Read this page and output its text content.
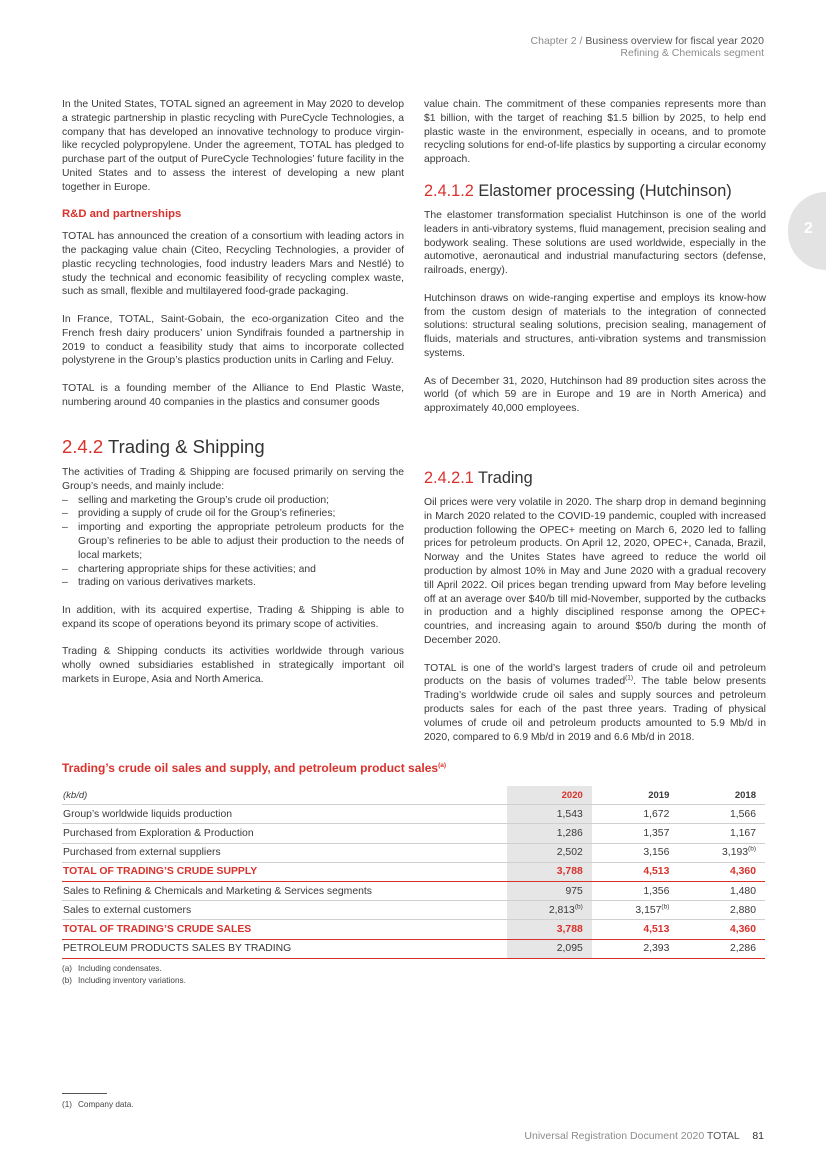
Chapter 2 / Business overview for fiscal year 2020
Refining & Chemicals segment
2

In the United States, TOTAL signed an agreement in May 2020 to develop a strategic partnership in plastic recycling with PureCycle Technologies, a company that has developed an innovative technology to produce virgin-like recycled polypropylene. Under the agreement, TOTAL has pledged to purchase part of the output of PureCycle Technologies’ future facility in the United States and to assess the interest of developing a new plant together in Europe.

R&D and partnerships

TOTAL has announced the creation of a consortium with leading actors in the packaging value chain (Citeo, Recycling Technologies, a provider of plastic recycling technologies, food industry leaders Mars and Nestlé) to study the technical and economic feasibility of recycling complex waste, such as small, flexible and multilayered food-grade packaging.

In France, TOTAL, Saint-Gobain, the eco-organization Citeo and the French fresh dairy producers’ union Syndifrais founded a partnership in 2019 to conduct a feasibility study that aims to incorporate collected polystyrene in the Group’s plastics production units in Carling and Feluy.

TOTAL is a founding member of the Alliance to End Plastic Waste, numbering around 40 companies in the plastics and consumer goods

2.4.2 Trading & Shipping

The activities of Trading & Shipping are focused primarily on serving the Group’s needs, and mainly include:

– selling and marketing the Group’s crude oil production;
– providing a supply of crude oil for the Group’s refineries;
– importing and exporting the appropriate petroleum products for the Group’s refineries to be able to adjust their production to the needs of local markets;
– chartering appropriate ships for these activities; and
– trading on various derivatives markets.

In addition, with its acquired expertise, Trading & Shipping is able to expand its scope of operations beyond its primary scope of activities.

Trading & Shipping conducts its activities worldwide through various wholly owned subsidiaries established in strategically important oil markets in Europe, Asia and North America.

value chain. The commitment of these companies represents more than $1 billion, with the target of reaching $1.5 billion by 2025, to help end plastic waste in the environment, especially in oceans, and to promote recycling solutions for end-of-life plastics by supporting a circular economy approach.

2.4.1.2 Elastomer processing (Hutchinson)

The elastomer transformation specialist Hutchinson is one of the world leaders in anti-vibratory systems, fluid management, precision sealing and bodywork sealing. These solutions are used worldwide, especially in the automotive, aeronautical and industrial manufacturing sectors (defense, railroads, energy).

Hutchinson draws on wide-ranging expertise and employs its know-how from the custom design of materials to the integration of connected solutions: structural sealing solutions, precision sealing, management of fluids, materials and structures, anti-vibration systems and transmission systems.

As of December 31, 2020, Hutchinson had 89 production sites across the world (of which 59 are in Europe and 19 are in North America) and approximately 40,000 employees.

2.4.2.1 Trading

Oil prices were very volatile in 2020. The sharp drop in demand beginning in March 2020 related to the COVID-19 pandemic, coupled with increased production following the OPEC+ meeting on March 6, 2020 led to falling prices for petroleum products. On April 12, 2020, OPEC+, Canada, Brazil, Norway and the Unites States have agreed to reduce the world oil production by almost 10% in May and June 2020 with a gradual recovery till April 2022. Oil prices began trending upward from May before leveling off at an average over $40/b till mid-November, supported by the cutbacks in production and a highly disciplined response among the OPEC+ countries, and increasing again to around $50/b during the month of December 2020.

TOTAL is one of the world’s largest traders of crude oil and petroleum products on the basis of volumes traded$^{(1)}$. The table below presents Trading’s worldwide crude oil sales and supply sources and petroleum products sales for each of the past three years. Trading of physical volumes of crude oil and petroleum products amounted to 5.9 Mb/d in 2020, compared to 6.9 Mb/d in 2019 and 6.6 Mb/d in 2018.

Trading’s crude oil sales and supply, and petroleum product sales$^{(a)}$
(kb/d)	2020	2019	2018
Group’s worldwide liquids production	1,543	1,672	1,566
Purchased from Exploration & Production	1,286	1,357	1,167
Purchased from external suppliers	2,502	3,156	3,193$^{(b)}$
TOTAL OF TRADING’S CRUDE SUPPLY	3,788	4,513	4,360
Sales to Refining & Chemicals and Marketing & Services segments	975	1,356	1,480
Sales to external customers	2,813$^{(b)}$	3,157$^{(b)}$	2,880
TOTAL OF TRADING’S CRUDE SALES	3,788	4,513	4,360
PETROLEUM PRODUCTS SALES BY TRADING	2,095	2,393	2,286
(a) Including condensates.
(b) Including inventory variations.
(1) Company data.
Universal Registration Document 2020 TOTAL 81
